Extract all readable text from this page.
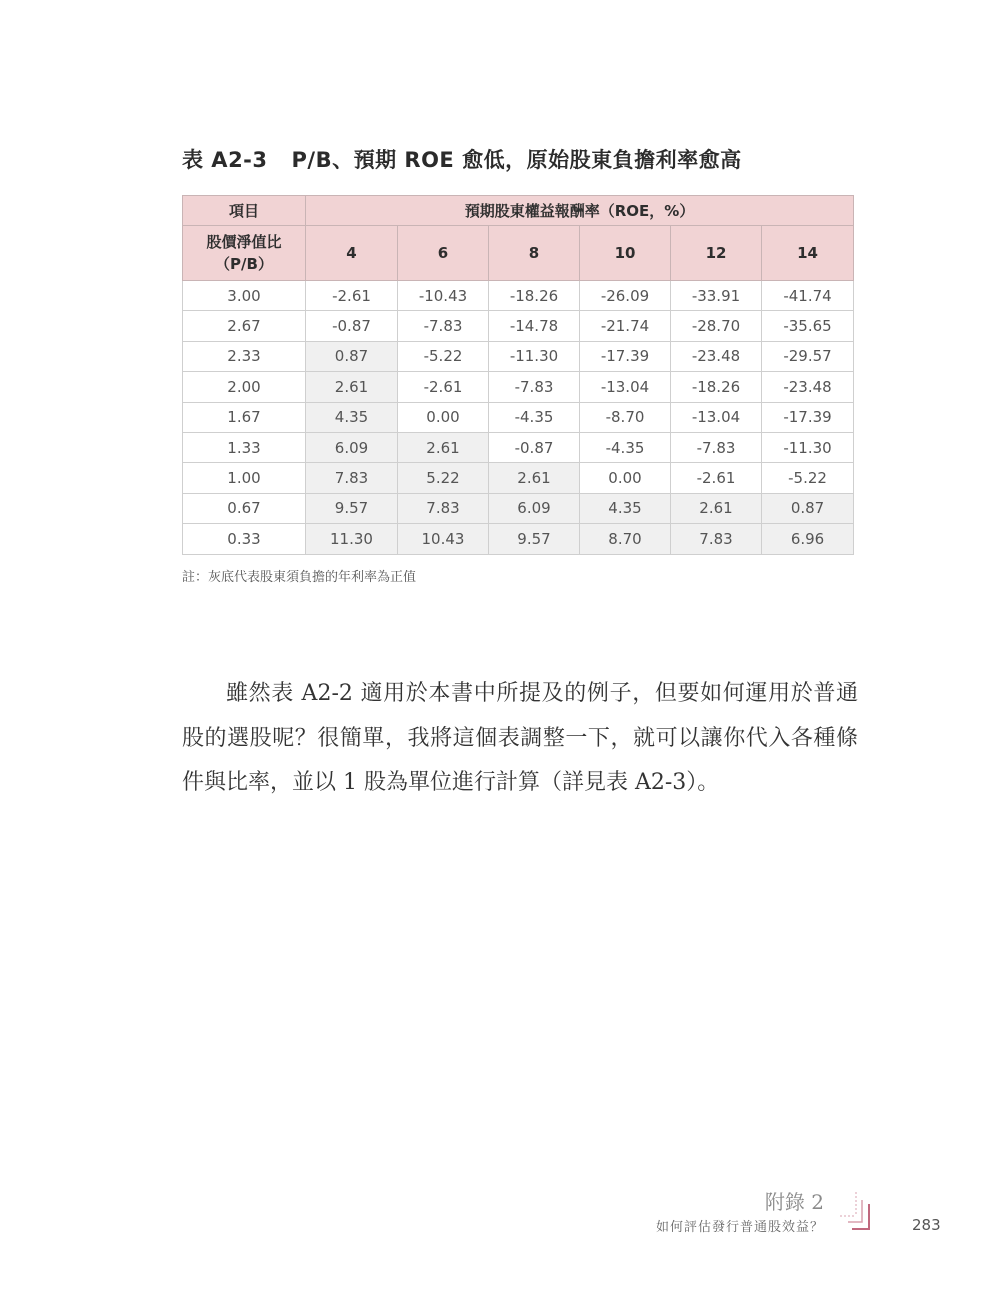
表 A2-3 P/B、預期 ROE 愈低，原始股東負擔利率愈高
項目	預期股東權益報酬率（ROE，%）					

股價淨值比
（P/B）	4	6	8	10	12	14
3.00	-2.61	-10.43	-18.26	-26.09	-33.91	-41.74
2.67	-0.87	-7.83	-14.78	-21.74	-28.70	-35.65
2.33	0.87	-5.22	-11.30	-17.39	-23.48	-29.57
2.00	2.61	-2.61	-7.83	-13.04	-18.26	-23.48
1.67	4.35	0.00	-4.35	-8.70	-13.04	-17.39
1.33	6.09	2.61	-0.87	-4.35	-7.83	-11.30
1.00	7.83	5.22	2.61	0.00	-2.61	-5.22
0.67	9.57	7.83	6.09	4.35	2.61	0.87
0.33	11.30	10.43	9.57	8.70	7.83	6.96
註：灰底代表股東須負擔的年利率為正值
雖然表 A2-2 適用於本書中所提及的例子，但要如何運用於普通股的選股呢？很簡單，我將這個表調整一下，就可以讓你代入各種條件與比率，並以 1 股為單位進行計算（詳見表 A2-3）。
附錄 2
如何評估發行普通股效益？	283
